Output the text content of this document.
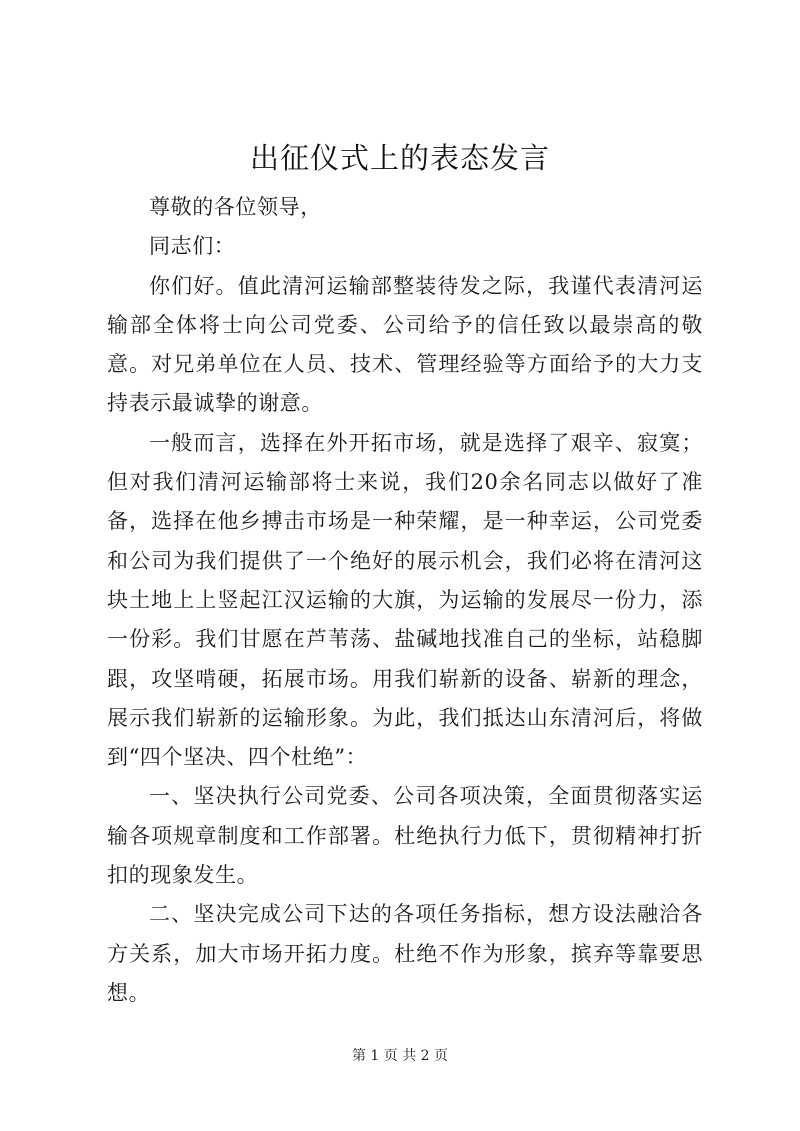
出征仪式上的表态发言

尊敬的各位领导，

同志们：

你们好。值此清河运输部整装待发之际，我谨代表清河运输部全体将士向公司党委、公司给予的信任致以最崇高的敬意。对兄弟单位在人员、技术、管理经验等方面给予的大力支持表示最诚挚的谢意。

一般而言，选择在外开拓市场，就是选择了艰辛、寂寞；但对我们清河运输部将士来说，我们20余名同志以做好了准备，选择在他乡搏击市场是一种荣耀，是一种幸运，公司党委和公司为我们提供了一个绝好的展示机会，我们必将在清河这块土地上上竖起江汉运输的大旗，为运输的发展尽一份力，添一份彩。我们甘愿在芦苇荡、盐碱地找准自己的坐标，站稳脚跟，攻坚啃硬，拓展市场。用我们崭新的设备、崭新的理念，展示我们崭新的运输形象。为此，我们抵达山东清河后，将做到“四个坚决、四个杜绝”：

一、坚决执行公司党委、公司各项决策，全面贯彻落实运输各项规章制度和工作部署。杜绝执行力低下，贯彻精神打折扣的现象发生。

二、坚决完成公司下达的各项任务指标，想方设法融洽各方关系，加大市场开拓力度。杜绝不作为形象，摈弃等靠要思想。

第 1 页 共 2 页
